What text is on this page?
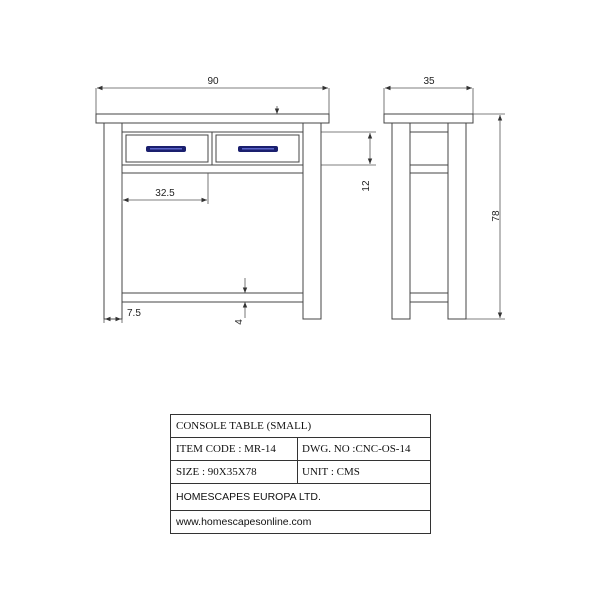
90
12
32.5
4
7.5
35
78
CONSOLE TABLE (SMALL)
ITEM CODE : MR-14	DWG. NO :CNC-OS-14
SIZE : 90X35X78	UNIT : CMS
HOMESCAPES EUROPA LTD.
www.homescapesonline.com
